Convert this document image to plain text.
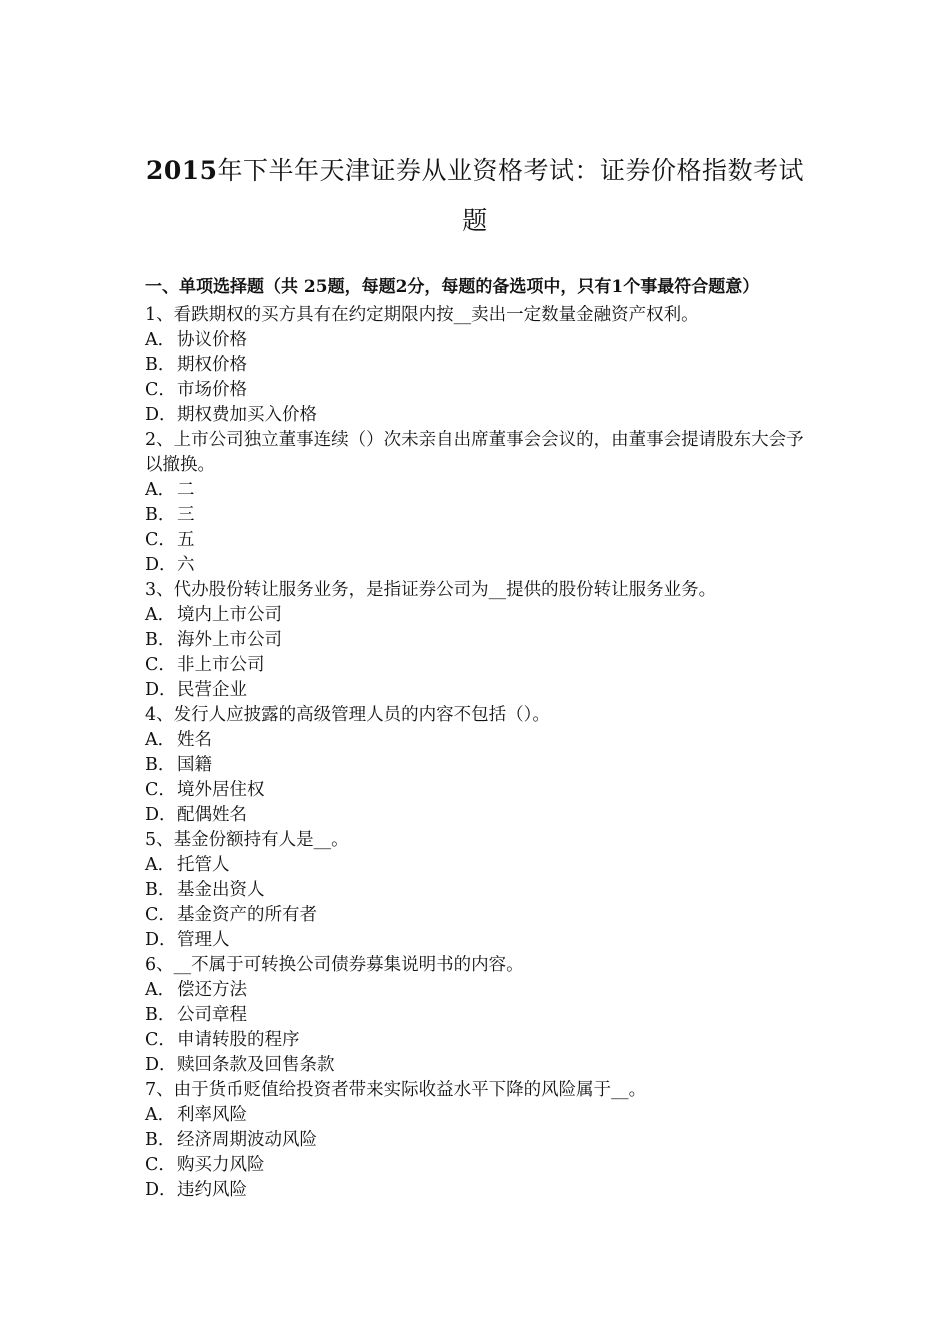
2015年下半年天津证券从业资格考试：证券价格指数考试题
一、单项选择题（共 25题，每题2分，每题的备选项中，只有1个事最符合题意）
1、看跌期权的买方具有在约定期限内按__卖出一定数量金融资产权利。
A． 协议价格
B．期权价格
C．市场价格
D．期权费加买入价格
2、上市公司独立董事连续（）次未亲自出席董事会会议的，由董事会提请股东大会予以撤换。
A． 二
B．三
C．五
D．六
3、代办股份转让服务业务，是指证券公司为__提供的股份转让服务业务。
A． 境内上市公司
B．海外上市公司
C．非上市公司
D．民营企业
4、发行人应披露的高级管理人员的内容不包括（）。
A． 姓名
B．国籍
C．境外居住权
D．配偶姓名
5、基金份额持有人是__。
A． 托管人
B．基金出资人
C．基金资产的所有者
D．管理人
6、__不属于可转换公司债券募集说明书的内容。
A． 偿还方法
B．公司章程
C．申请转股的程序
D．赎回条款及回售条款
7、由于货币贬值给投资者带来实际收益水平下降的风险属于__。
A． 利率风险
B．经济周期波动风险
C．购买力风险
D．违约风险
